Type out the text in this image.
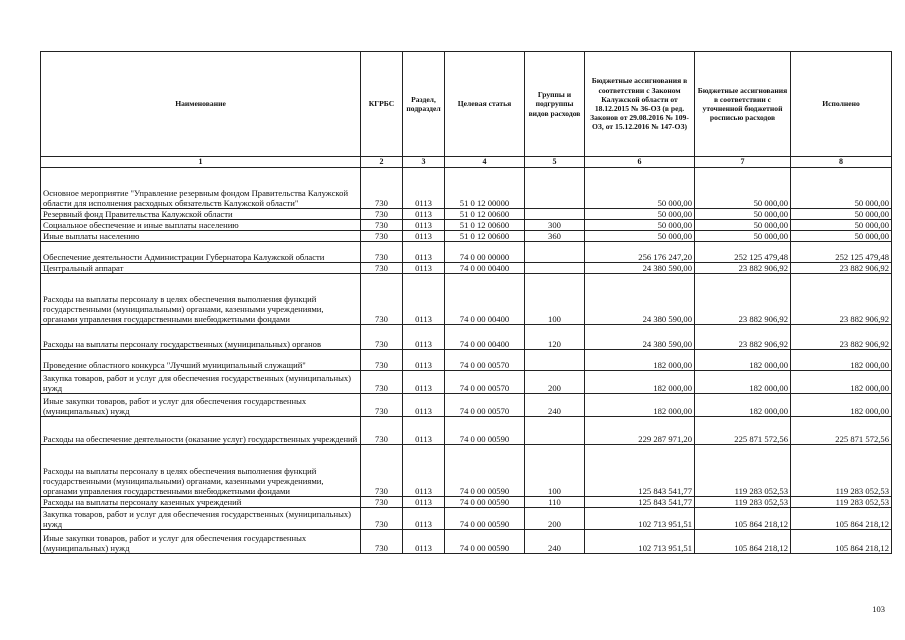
Наименование	КГРБС	Раздел, подраздел	Целевая статья	Группы и подгруппы видов расходов	Бюджетные ассигнования в соответствии с Законом Калужской области от 18.12.2015 № 36-ОЗ (в ред. Законов от 29.08.2016 № 109-ОЗ, от 15.12.2016 № 147-ОЗ)	Бюджетные ассигнования в соответствии с уточненной бюджетной росписью расходов	Исполнено
1	2	3	4	5	6	7	8
Основное мероприятие "Управление резервным фондом Правительства Калужской области для исполнения расходных обязательств Калужской области"	730	0113	51 0 12 00000		50 000,00	50 000,00	50 000,00
Резервный фонд Правительства Калужской области	730	0113	51 0 12 00600		50 000,00	50 000,00	50 000,00
Социальное обеспечение и иные выплаты населению	730	0113	51 0 12 00600	300	50 000,00	50 000,00	50 000,00
Иные выплаты населению	730	0113	51 0 12 00600	360	50 000,00	50 000,00	50 000,00
Обеспечение деятельности Администрации Губернатора Калужской области	730	0113	74 0 00 00000		256 176 247,20	252 125 479,48	252 125 479,48
Центральный аппарат	730	0113	74 0 00 00400		24 380 590,00	23 882 906,92	23 882 906,92
Расходы на выплаты персоналу в целях обеспечения выполнения функций государственными (муниципальными) органами, казенными учреждениями, органами управления государственными внебюджетными фондами	730	0113	74 0 00 00400	100	24 380 590,00	23 882 906,92	23 882 906,92
Расходы на выплаты персоналу государственных (муниципальных) органов	730	0113	74 0 00 00400	120	24 380 590,00	23 882 906,92	23 882 906,92
Проведение областного конкурса "Лучший муниципальный служащий"	730	0113	74 0 00 00570		182 000,00	182 000,00	182 000,00
Закупка товаров, работ и услуг для обеспечения государственных (муниципальных) нужд	730	0113	74 0 00 00570	200	182 000,00	182 000,00	182 000,00
Иные закупки товаров, работ и услуг для обеспечения государственных (муниципальных) нужд	730	0113	74 0 00 00570	240	182 000,00	182 000,00	182 000,00
Расходы на обеспечение деятельности (оказание услуг) государственных учреждений	730	0113	74 0 00 00590		229 287 971,20	225 871 572,56	225 871 572,56
Расходы на выплаты персоналу в целях обеспечения выполнения функций государственными (муниципальными) органами, казенными учреждениями, органами управления государственными внебюджетными фондами	730	0113	74 0 00 00590	100	125 843 541,77	119 283 052,53	119 283 052,53
Расходы на выплаты персоналу казенных учреждений	730	0113	74 0 00 00590	110	125 843 541,77	119 283 052,53	119 283 052,53
Закупка товаров, работ и услуг для обеспечения государственных (муниципальных) нужд	730	0113	74 0 00 00590	200	102 713 951,51	105 864 218,12	105 864 218,12
Иные закупки товаров, работ и услуг для обеспечения государственных (муниципальных) нужд	730	0113	74 0 00 00590	240	102 713 951,51	105 864 218,12	105 864 218,12
103
